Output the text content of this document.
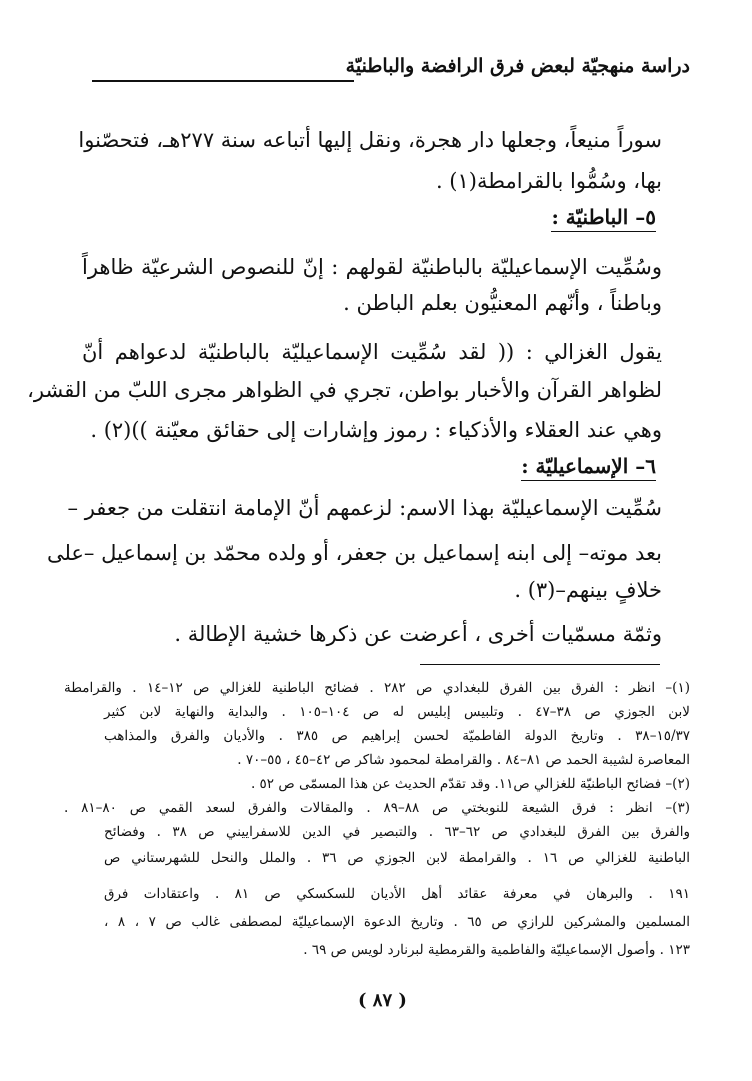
دراسة منهجيّة لبعض فرق الرافضة والباطنيّة
سوراً منيعاً، وجعلها دار هجرة، ونقل إليها أتباعه سنة ٢٧٧هـ، فتحصّنوا
بها، وسُمُّوا بالقرامطة(١) .
٥– الباطنيّة :
وسُمِّيت الإسماعيليّة بالباطنيّة لقولهم : إنّ للنصوص الشرعيّة ظاهراً
وباطناً ، وأنّهم المعنيُّون بعلم الباطن .
يقول الغزالي : (( لقد سُمِّيت الإسماعيليّة بالباطنيّة لدعواهم أنّ
لظواهر القرآن والأخبار بواطن، تجري في الظواهر مجرى اللبّ من القشر،
وهي عند العقلاء والأذكياء : رموز وإشارات إلى حقائق معيّنة ))(٢) .
٦– الإسماعيليّة :
سُمِّيت الإسماعيليّة بهذا الاسم: لزعمهم أنّ الإمامة انتقلت من جعفر –
بعد موته– إلى ابنه إسماعيل بن جعفر، أو ولده محمّد بن إسماعيل –على
خلافٍ بينهم–(٣) .
وثمّة مسمّيات أخرى ، أعرضت عن ذكرها خشية الإطالة .
(١)– انظر : الفرق بين الفرق للبغدادي ص ٢٨٢ . فضائح الباطنية للغزالي ص ١٢–١٤ . والقرامطة
لابن الجوزي ص ٣٨–٤٧ . وتلبيس إبليس له ص ١٠٤–١٠٥ . والبداية والنهاية لابن كثير
١٥/٣٧–٣٨ . وتاريخ الدولة الفاطميّة لحسن إبراهيم ص ٣٨٥ . والأديان والفرق والمذاهب
المعاصرة لشيبة الحمد ص ٨١–٨٤ . والقرامطة لمحمود شاكر ص ٤٢–٤٥ ، ٥٥–٧٠ .
(٢)– فضائح الباطنيّة للغزالي ص١١. وقد تقدّم الحديث عن هذا المسمّى ص ٥٢ .
(٣)– انظر : فرق الشيعة للنوبختي ص ٨٨–٨٩ . والمقالات والفرق لسعد القمي ص ٨٠–٨١ .
والفرق بين الفرق للبغدادي ص ٦٢–٦٣ . والتبصير في الدين للاسفراييني ص ٣٨ . وفضائح
الباطنية للغزالي ص ١٦ . والقرامطة لابن الجوزي ص ٣٦ . والملل والنحل للشهرستاني ص
١٩١ . والبرهان في معرفة عقائد أهل الأديان للسكسكي ص ٨١ . واعتقادات فرق
المسلمين والمشركين للرازي ص ٦٥ . وتاريخ الدعوة الإسماعيليّة لمصطفى غالب ص ٧ ، ٨ ،
١٢٣ . وأصول الإسماعيليّة والفاطمية والقرمطية لبرنارد لويس ص ٦٩ .
( ٨٧ )
